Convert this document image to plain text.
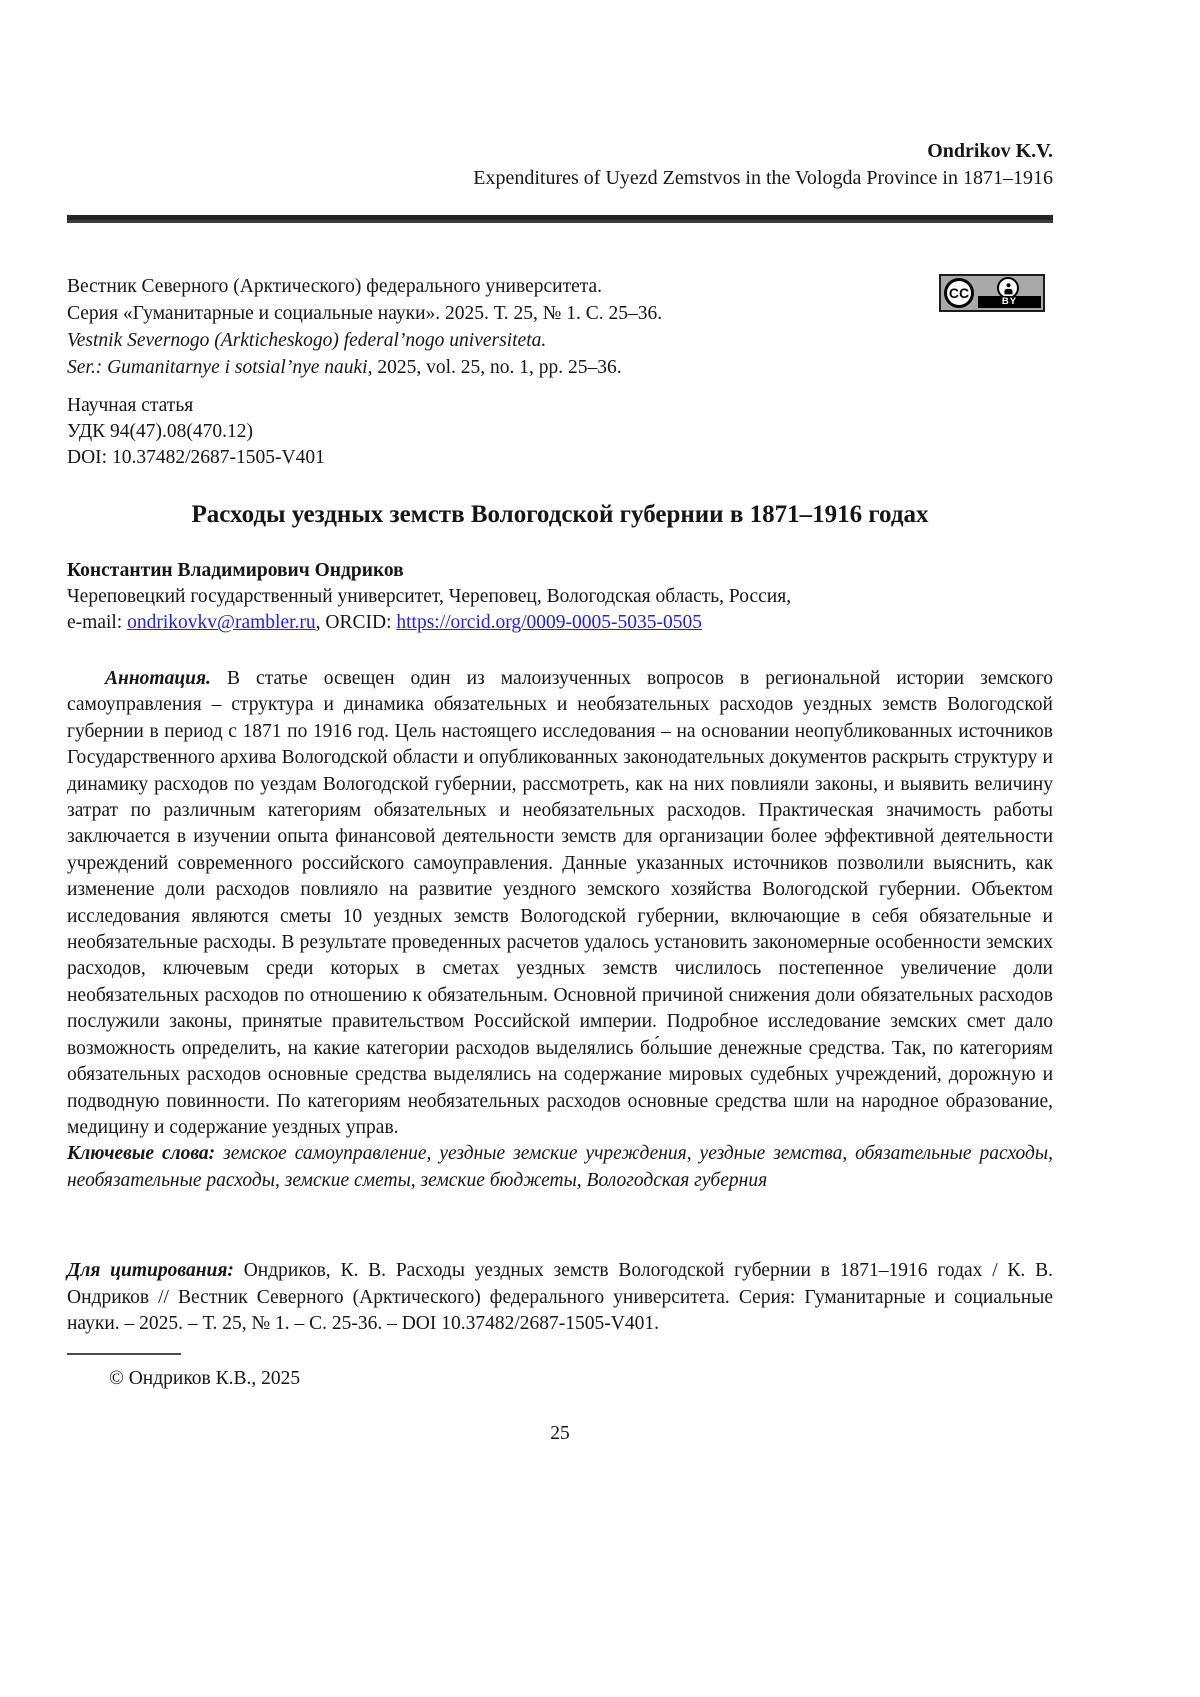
Ondrikov K.V.
Expenditures of Uyezd Zemstvos in the Vologda Province in 1871–1916
Вестник Северного (Арктического) федерального университета.
Серия «Гуманитарные и социальные науки». 2025. Т. 25, № 1. С. 25–36.
Vestnik Severnogo (Arkticheskogo) federal’nogo universiteta.
Ser.: Gumanitarnye i sotsial’nye nauki, 2025, vol. 25, no. 1, pp. 25–36.
CC
BY
Научная статья
УДК 94(47).08(470.12)
DOI: 10.37482/2687-1505-V401
Расходы уездных земств Вологодской губернии в 1871–1916 годах
Константин Владимирович Ондриков
Череповецкий государственный университет, Череповец, Вологодская область, Россия,
e-mail: ondrikovkv@rambler.ru, ORCID: https://orcid.org/0009-0005-5035-0505

Аннотация. В статье освещен один из малоизученных вопросов в региональной истории земского самоуправления – структура и динамика обязательных и необязательных расходов уездных земств Вологодской губернии в период с 1871 по 1916 год. Цель настоящего исследования – на основании неопубликованных источников Государственного архива Вологодской области и опубликованных законодательных документов раскрыть структуру и динамику расходов по уездам Вологодской губернии, рассмотреть, как на них повлияли законы, и выявить величину затрат по различным категориям обязательных и необязательных расходов. Практическая значимость работы заключается в изучении опыта финансовой деятельности земств для организации более эффективной деятельности учреждений современного российского самоуправления. Данные указанных источников позволили выяснить, как изменение доли расходов повлияло на развитие уездного земского хозяйства Вологодской губернии. Объектом исследования являются сметы 10 уездных земств Вологодской губернии, включающие в себя обязательные и необязательные расходы. В результате проведенных расчетов удалось установить закономерные особенности земских расходов, ключевым среди которых в сметах уездных земств числилось постепенное увеличение доли необязательных расходов по отношению к обязательным. Основной причиной снижения доли обязательных расходов послужили законы, принятые правительством Российской империи. Подробное исследование земских смет дало возможность определить, на какие категории расходов выделялись бо́льшие денежные средства. Так, по категориям обязательных расходов основные средства выделялись на содержание мировых судебных учреждений, дорожную и подводную повинности. По категориям необязательных расходов основные средства шли на народное образование, медицину и содержание уездных управ.

Ключевые слова: земское самоуправление, уездные земские учреждения, уездные земства, обязательные расходы, необязательные расходы, земские сметы, земские бюджеты, Вологодская губерния

Для цитирования: Ондриков, К. В. Расходы уездных земств Вологодской губернии в 1871–1916 годах / К. В. Ондриков // Вестник Северного (Арктического) федерального университета. Серия: Гуманитарные и социальные науки. – 2025. – Т. 25, № 1. – С. 25-36. – DOI 10.37482/2687-1505-V401.

© Ондриков К.В., 2025
25
